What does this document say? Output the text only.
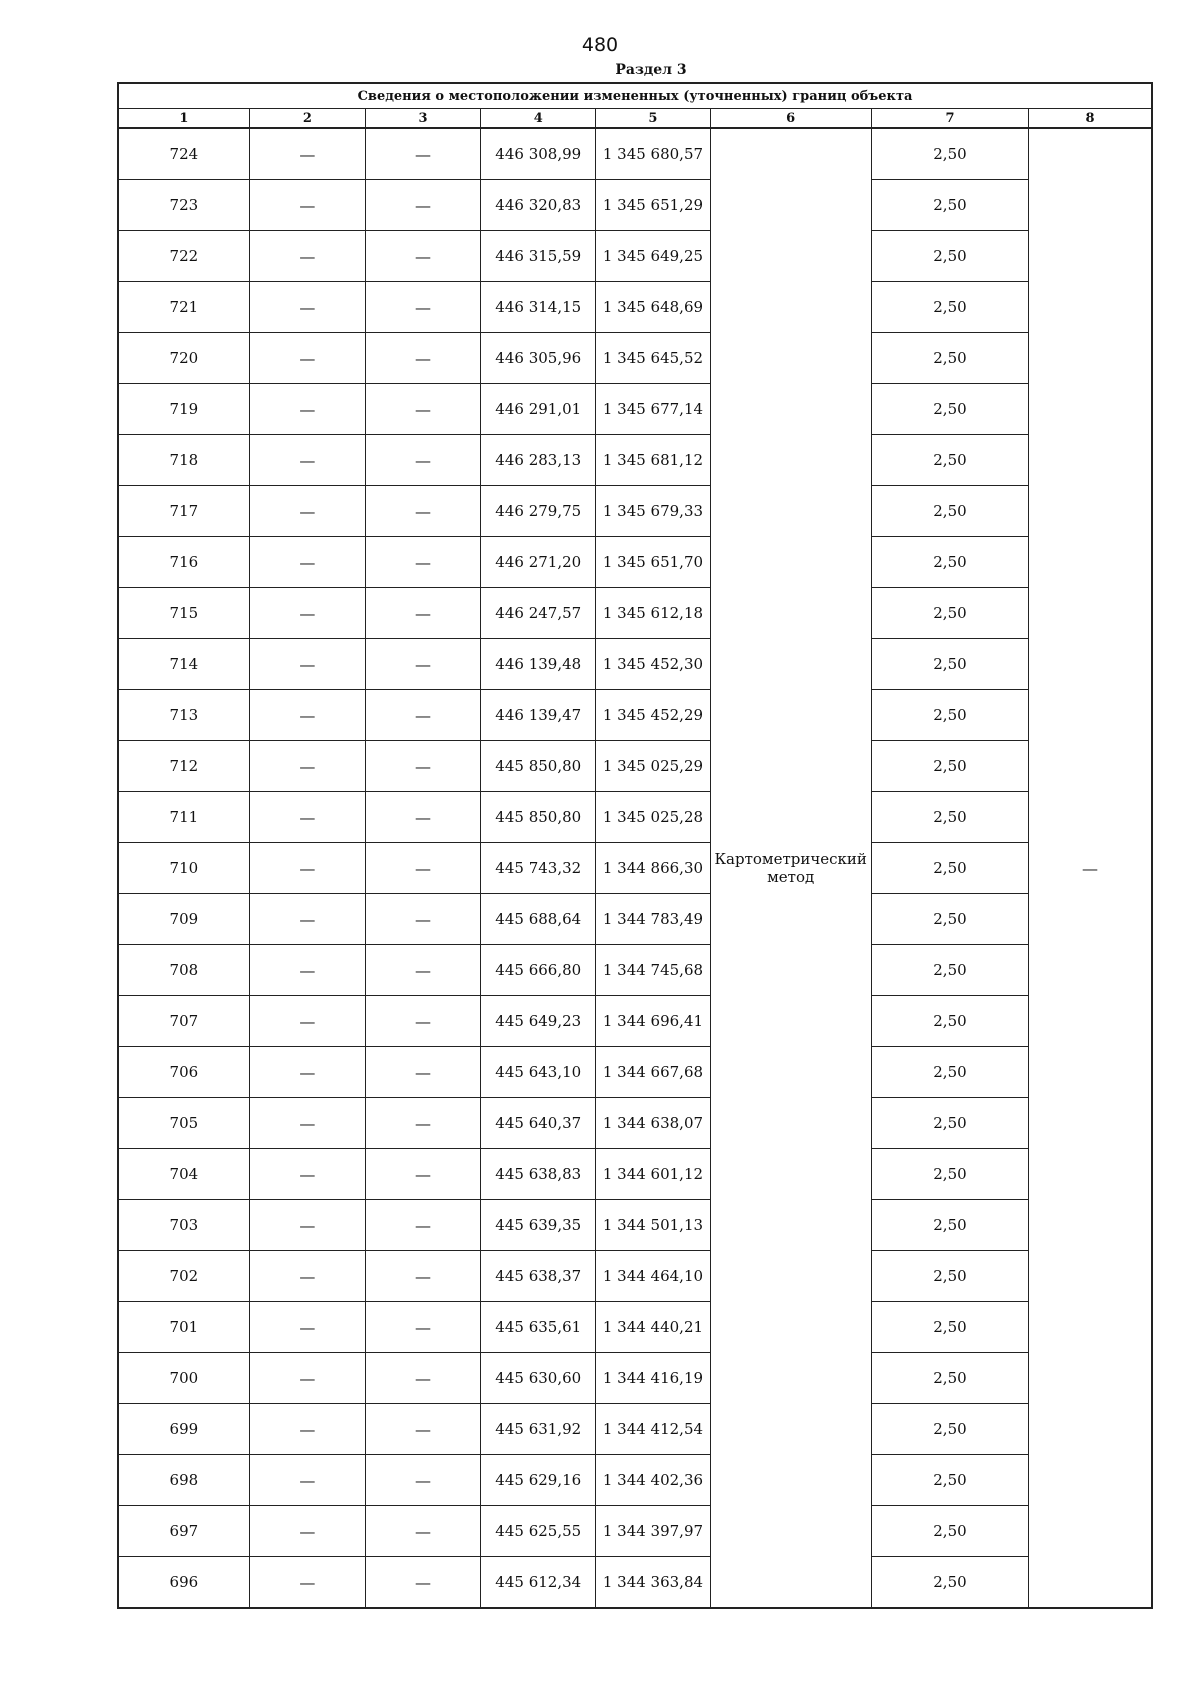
480
Раздел 3
Сведения о местоположении измененных (уточненных) границ объекта							
1	2	3	4	5	6	7	8
724	—	—	446 308,99	1 345 680,57	Картометрический метод	2,50	—
723	—	—	446 320,83	1 345 651,29		2,50	
722	—	—	446 315,59	1 345 649,25		2,50	
721	—	—	446 314,15	1 345 648,69		2,50	
720	—	—	446 305,96	1 345 645,52		2,50	
719	—	—	446 291,01	1 345 677,14		2,50	
718	—	—	446 283,13	1 345 681,12		2,50	
717	—	—	446 279,75	1 345 679,33		2,50	
716	—	—	446 271,20	1 345 651,70		2,50	
715	—	—	446 247,57	1 345 612,18		2,50	
714	—	—	446 139,48	1 345 452,30		2,50	
713	—	—	446 139,47	1 345 452,29		2,50	
712	—	—	445 850,80	1 345 025,29		2,50	
711	—	—	445 850,80	1 345 025,28		2,50	
710	—	—	445 743,32	1 344 866,30		2,50	
709	—	—	445 688,64	1 344 783,49		2,50	
708	—	—	445 666,80	1 344 745,68		2,50	
707	—	—	445 649,23	1 344 696,41		2,50	
706	—	—	445 643,10	1 344 667,68		2,50	
705	—	—	445 640,37	1 344 638,07		2,50	
704	—	—	445 638,83	1 344 601,12		2,50	
703	—	—	445 639,35	1 344 501,13		2,50	
702	—	—	445 638,37	1 344 464,10		2,50	
701	—	—	445 635,61	1 344 440,21		2,50	
700	—	—	445 630,60	1 344 416,19		2,50	
699	—	—	445 631,92	1 344 412,54		2,50	
698	—	—	445 629,16	1 344 402,36		2,50	
697	—	—	445 625,55	1 344 397,97		2,50	
696	—	—	445 612,34	1 344 363,84		2,50	
